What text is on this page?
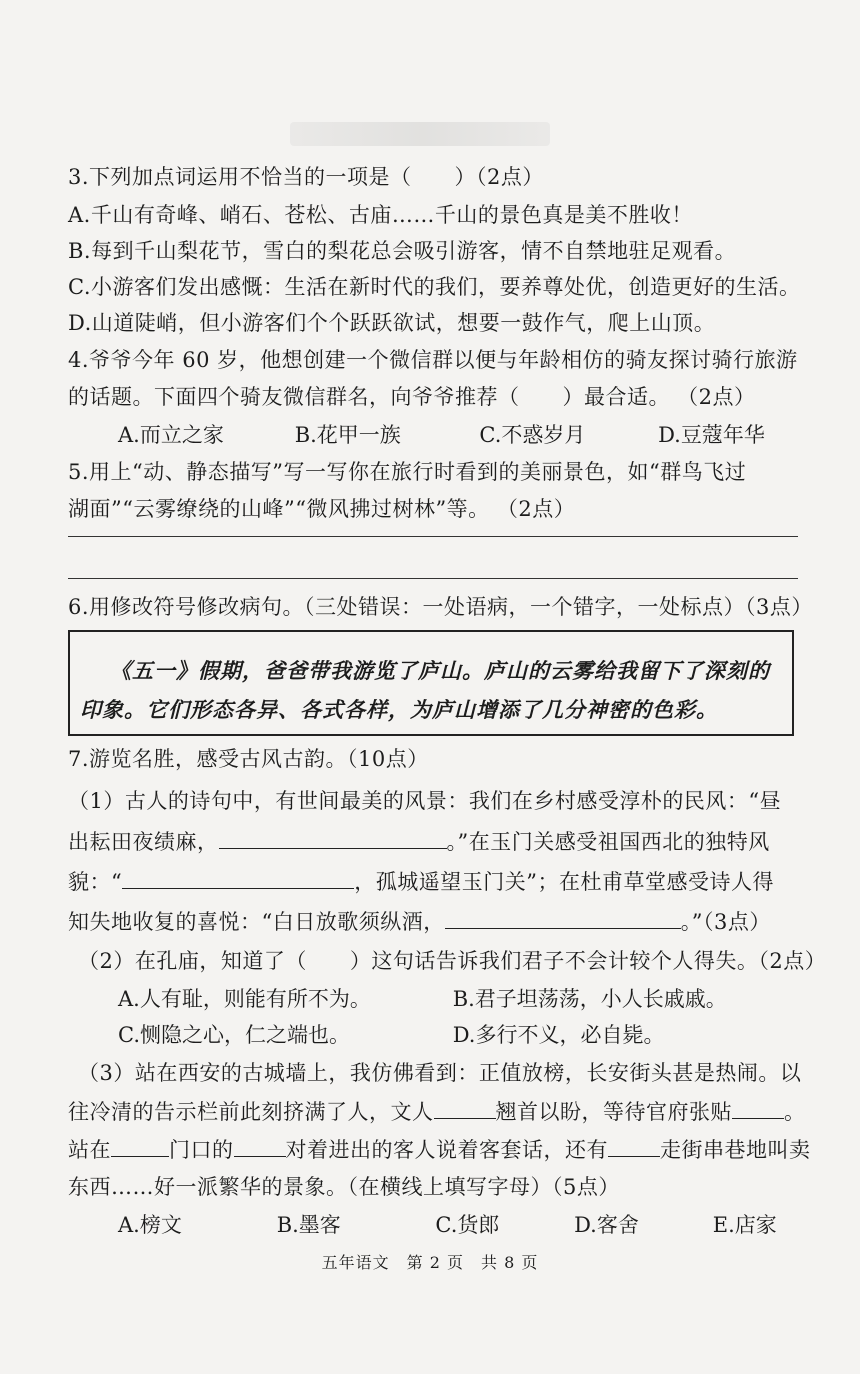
3.下列加点词运用不恰当的一项是（　　）（2点）
A.千山有奇峰、峭石、苍松、古庙……千山的景色真是美不胜收！
B.每到千山梨花节，雪白的梨花总会吸引游客，情不自禁地驻足观看。
C.小游客们发出感慨：生活在新时代的我们，要养尊处优，创造更好的生活。
D.山道陡峭，但小游客们个个跃跃欲试，想要一鼓作气，爬上山顶。
4.爷爷今年 60 岁，他想创建一个微信群以便与年龄相仿的骑友探讨骑行旅游
的话题。下面四个骑友微信群名，向爷爷推荐（　　）最合适。 （2点）
A.而立之家	B.花甲一族	C.不惑岁月	D.豆蔻年华
5.用上“动、静态描写”写一写你在旅行时看到的美丽景色，如“群鸟飞过
湖面”“云雾缭绕的山峰”“微风拂过树林”等。 （2点）
6.用修改符号修改病句。（三处错误：一处语病，一个错字，一处标点）（3点）
《五一》假期，爸爸带我游览了庐山。庐山的云雾给我留下了深刻的
印象。它们形态各异、各式各样，为庐山增添了几分神密的色彩。
7.游览名胜，感受古风古韵。（10点）
（1）古人的诗句中，有世间最美的风景：我们在乡村感受淳朴的民风：“昼
出耘田夜绩麻，	。”在玉门关感受祖国西北的独特风
貌：“	，孤城遥望玉门关”；在杜甫草堂感受诗人得
知失地收复的喜悦：“白日放歌须纵酒，	。”（3点）
（2）在孔庙，知道了（　　）这句话告诉我们君子不会计较个人得失。（2点）
A.人有耻，则能有所不为。	B.君子坦荡荡，小人长戚戚。
C.恻隐之心，仁之端也。	D.多行不义，必自毙。
（3）站在西安的古城墙上，我仿佛看到：正值放榜，长安街头甚是热闹。以
往冷清的告示栏前此刻挤满了人，文人	翘首以盼，等待官府张贴 。
站在	门口的 对着进出的客人说着客套话，还有 走街串巷地叫卖
东西……好一派繁华的景象。（在横线上填写字母）（5点）
A.榜文	B.墨客	C.货郎	D.客舍	E.店家
五年语文　第 2 页　共 8 页
